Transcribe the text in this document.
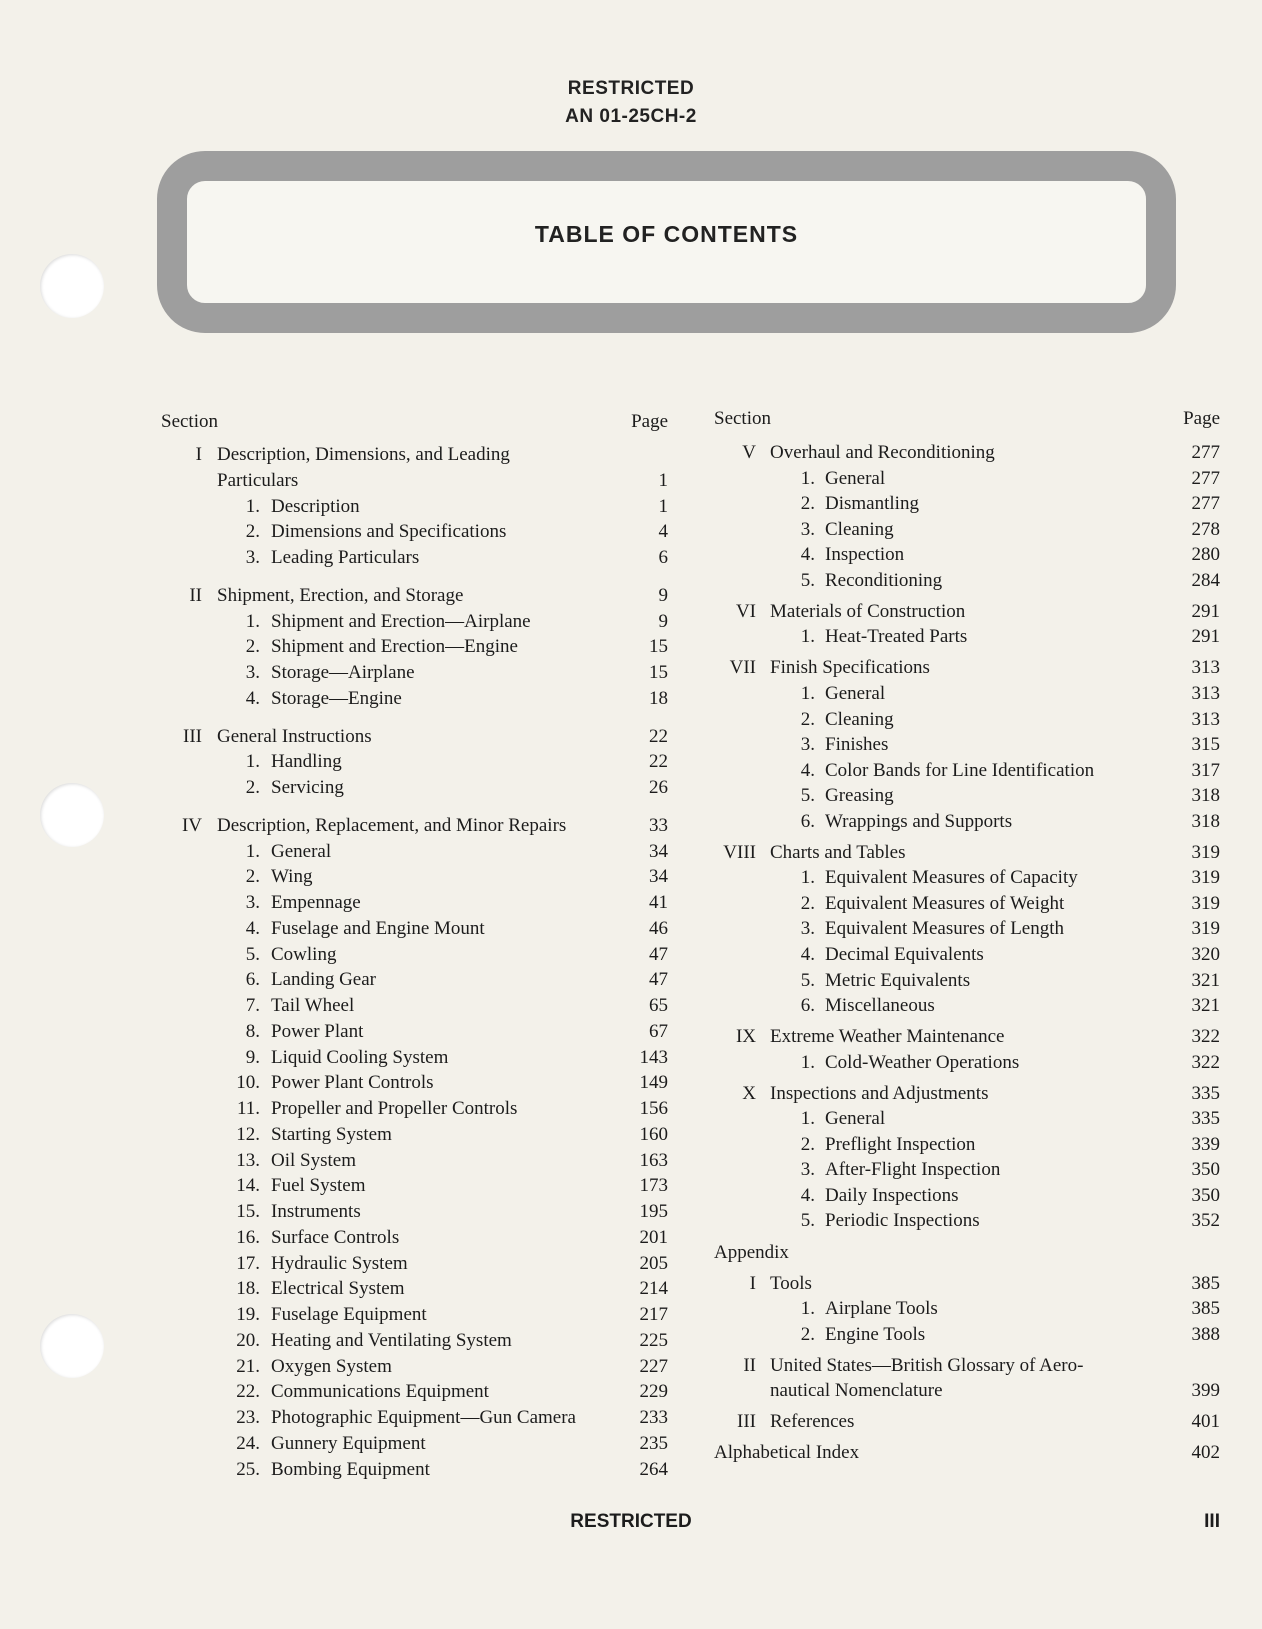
RESTRICTED
AN 01-25CH-2
TABLE OF CONTENTS
Section	Page
I Description, Dimensions, and Leading
Particulars	1
1. Description	1
2. Dimensions and Specifications	4
3. Leading Particulars	6
II Shipment, Erection, and Storage	9
1. Shipment and Erection—Airplane	9
2. Shipment and Erection—Engine	15
3. Storage—Airplane	15
4. Storage—Engine	18
III General Instructions	22
1. Handling	22
2. Servicing	26
IV Description, Replacement, and Minor Repairs	33
1. General	34
2. Wing	34
3. Empennage	41
4. Fuselage and Engine Mount	46
5. Cowling	47
6. Landing Gear	47
7. Tail Wheel	65
8. Power Plant	67
9. Liquid Cooling System	143
10. Power Plant Controls	149
11. Propeller and Propeller Controls	156
12. Starting System	160
13. Oil System	163
14. Fuel System	173
15. Instruments	195
16. Surface Controls	201
17. Hydraulic System	205
18. Electrical System	214
19. Fuselage Equipment	217
20. Heating and Ventilating System	225
21. Oxygen System	227
22. Communications Equipment	229
23. Photographic Equipment—Gun Camera	233
24. Gunnery Equipment	235
25. Bombing Equipment	264
Section	Page
V Overhaul and Reconditioning	277
1. General	277
2. Dismantling	277
3. Cleaning	278
4. Inspection	280
5. Reconditioning	284
VI Materials of Construction	291
1. Heat-Treated Parts	291
VII Finish Specifications	313
1. General	313
2. Cleaning	313
3. Finishes	315
4. Color Bands for Line Identification	317
5. Greasing	318
6. Wrappings and Supports	318
VIII Charts and Tables	319
1. Equivalent Measures of Capacity	319
2. Equivalent Measures of Weight	319
3. Equivalent Measures of Length	319
4. Decimal Equivalents	320
5. Metric Equivalents	321
6. Miscellaneous	321
IX Extreme Weather Maintenance	322
1. Cold-Weather Operations	322
X Inspections and Adjustments	335
1. General	335
2. Preflight Inspection	339
3. After-Flight Inspection	350
4. Daily Inspections	350
5. Periodic Inspections	352
Appendix
I Tools	385
1. Airplane Tools	385
2. Engine Tools	388
II United States—British Glossary of Aero-
nautical Nomenclature	399
III References	401
Alphabetical Index	402
RESTRICTED	III
